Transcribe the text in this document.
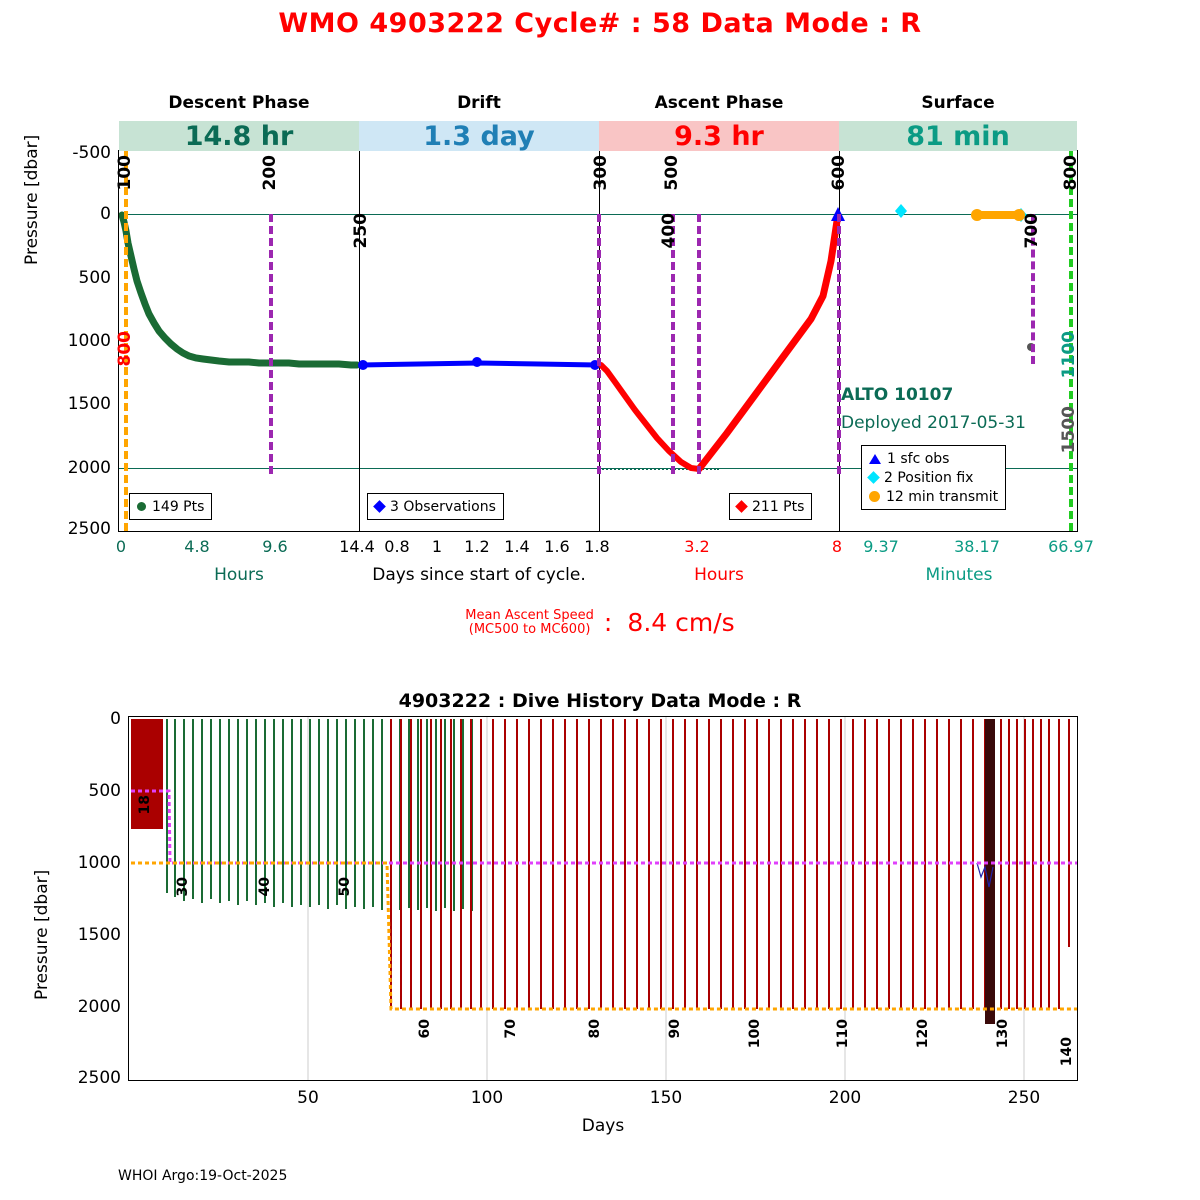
WMO 4903222 Cycle# : 58 Data Mode : R
Pressure [dbar]
Descent Phase	Drift	Ascent Phase	Surface
14.8 hr	1.3 day	9.3 hr	81 min
-500
0
500
1000
1500
2000
2500
100
800
200
250
300	500
400
600
700
800
1100
1500
ALTO 10107
Deployed 2017-05-31
149 Pts	3 Observations	211 Pts
1 sfc obs
2 Position fix
12 min transmit
0	4.8	9.6	14.4 0.8 1 1.2 1.4 1.6 1.8	3.2	8 9.37	38.17	66.97
Hours	Days since start of cycle.	Hours	Minutes
Mean Ascent Speed
(MC500 to MC600) : 8.4 cm/s
4903222 : Dive History Data Mode : R
Pressure [dbar]
0
500
1000
1500
2000
2500
18
30	40	50
60	70	80	90	100	110	120	130
140
50	100	150	200	250
Days
WHOI Argo:19-Oct-2025
